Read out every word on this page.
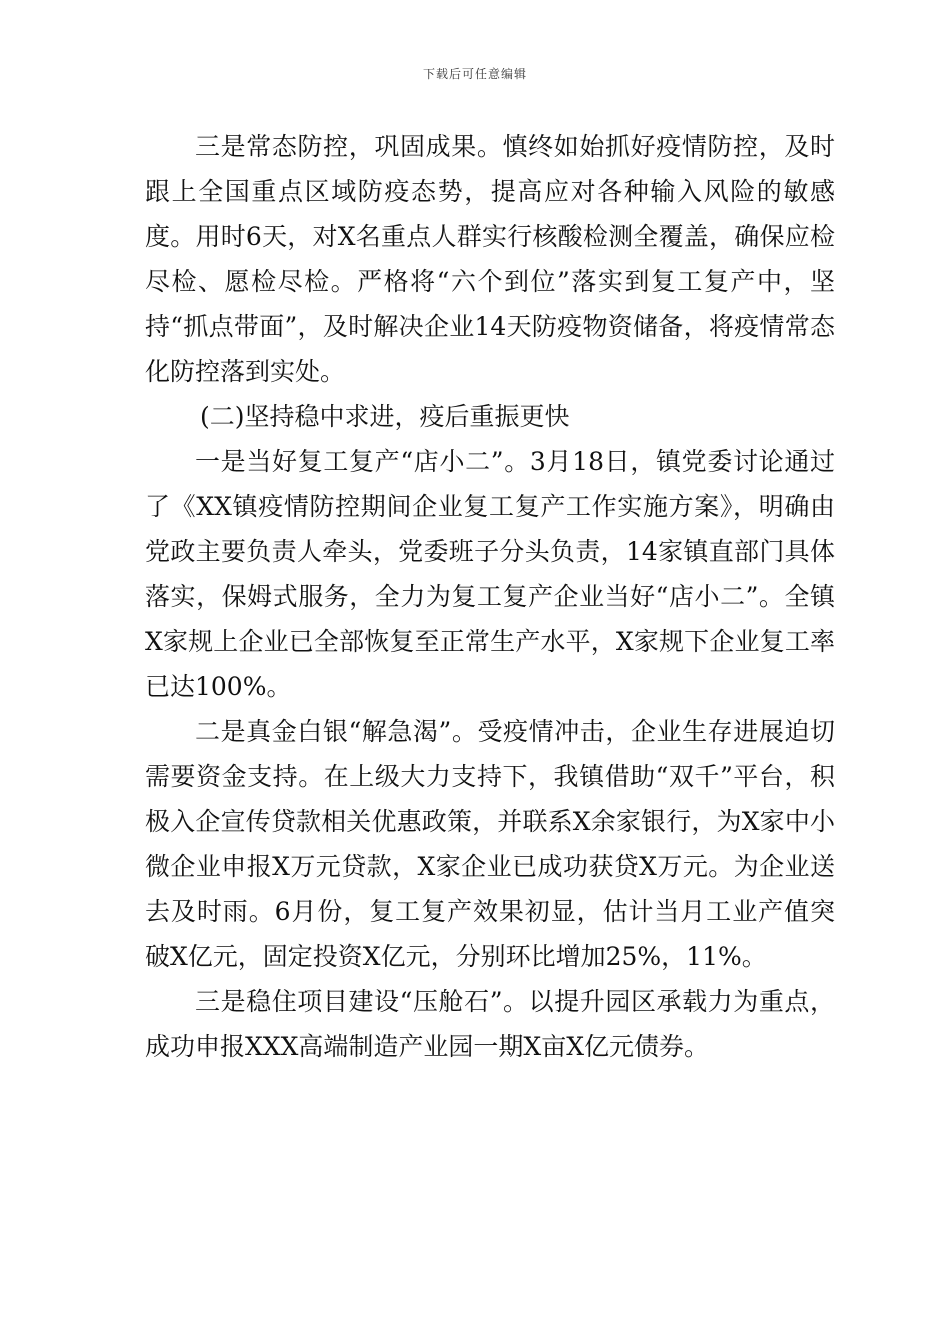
下载后可任意编辑

三是常态防控，巩固成果。慎终如始抓好疫情防控，及时跟上全国重点区域防疫态势，提高应对各种输入风险的敏感度。用时6天，对X名重点人群实行核酸检测全覆盖，确保应检尽检、愿检尽检。严格将“六个到位”落实到复工复产中，坚持“抓点带面”，及时解决企业14天防疫物资储备，将疫情常态化防控落到实处。

(二)坚持稳中求进，疫后重振更快

一是当好复工复产“店小二”。3月18日，镇党委讨论通过了《XX镇疫情防控期间企业复工复产工作实施方案》，明确由党政主要负责人牵头，党委班子分头负责，14家镇直部门具体落实，保姆式服务，全力为复工复产企业当好“店小二”。全镇X家规上企业已全部恢复至正常生产水平，X家规下企业复工率已达100%。

二是真金白银“解急渴”。受疫情冲击，企业生存进展迫切需要资金支持。在上级大力支持下，我镇借助“双千”平台，积极入企宣传贷款相关优惠政策，并联系X余家银行，为X家中小微企业申报X万元贷款，X家企业已成功获贷X万元。为企业送去及时雨。6月份，复工复产效果初显，估计当月工业产值突破X亿元，固定投资X亿元，分别环比增加25%，11%。

三是稳住项目建设“压舱石”。以提升园区承载力为重点，成功申报XXX高端制造产业园一期X亩X亿元债券。
